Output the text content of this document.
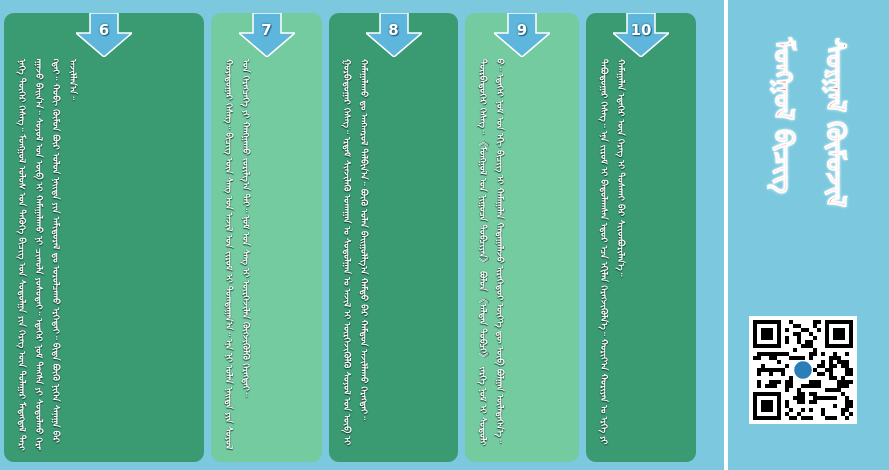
6
ᠨᠡᠭᠡ ᠳᠦᠭᠡᠷ ᠬᠡᠰᠡᠭ᠃ ᠮᠣᠩᠭᠣᠯ ᠤᠯᠤᠰ ᠤᠨ ᠲᠡᠭᠦᠬᠡ ᠪᠢᠴᠢᠭ ᠤᠨ ᠰᠤᠳᠤᠯᠭᠠ ᠶᠢᠨ ᠬᠡᠷᠡᠭ ᠦᠨ ᠲᠤᠯᠠᠭᠠᠷ ᠮᠡᠳᠡᠭᠳᠡᠯ ᠲᠠᠷᠬᠠᠭᠠᠵᠤ ᠪᠠᠢᠨ᠎ᠠ᠃ ᠰᠣᠶᠣᠯ ᠤᠨ ᠥᠪ ᠢ ᠬᠠᠮᠠᠭᠠᠯᠠᠬᠤ ᠨᠢ ᠴᠢᠬᠤᠯᠠ ᠶᠣᠰᠣᠲᠠᠢ᠃ ᠡᠳᠡᠭᠡᠷ ᠨᠣᠮ ᠳᠠᠩᠰᠠ ᠶᠢ ᠰᠤᠳᠤᠯᠬᠤ ᠬᠡᠷᠡᠭᠲᠡᠢ᠃ ᠬᠤᠪᠢ ᠬᠦᠮᠦᠨ ᠪᠦᠷ ᠣᠯᠤᠨ ᠨᠡᠢᠲᠡ ᠶᠢᠨ ᠠᠮᠢᠳᠤᠷᠠᠯ ᠳᠤ ᠣᠷᠣᠯᠴᠠᠬᠤ ᠡᠷᠬᠡᠲᠡᠢ᠃ ᠪᠢᠳᠡ ᠪᠦᠬᠦ ᠨᠢᠭᠡᠨ ᠰᠠᠨᠠᠭᠠ ᠪᠠᠷ ᠠᠵᠢᠯᠯᠠᠨ᠎ᠠ᠃
7
ᠬᠣᠶᠠᠳᠤᠭᠠᠷ ᠬᠡᠰᠡᠭ᠃ ᠪᠢᠴᠢᠭ ᠦᠨ ᠰᠠᠩ ᠤᠨ ᠠᠵᠢᠯ ᠤᠨ ᠵᠢᠷᠤᠮ ᠢ ᠲᠣᠭᠲᠠᠭᠠᠨ᠎ᠠ᠃ ᠡᠨᠡ ᠨᠢ ᠣᠯᠠᠨ ᠨᠡᠢᠲᠡ ᠶᠢᠨ ᠰᠣᠶᠣᠯ ᠤᠨ ᠬᠡᠷᠡᠭᠴᠡᠭᠡ ᠶᠢ ᠬᠠᠩᠭᠠᠬᠤ ᠵᠣᠷᠢᠯᠭ᠎ᠠ ᠲᠠᠢ᠃ ᠨᠣᠮ ᠤᠨ ᠰᠠᠩ ᠢ ᠦᠷᠭᠡᠵᠢᠯᠡᠨ ᠬᠥᠭᠵᠢᠭᠦᠯᠬᠦ ᠬᠡᠷᠡᠭᠲᠡᠢ᠃
8
ᠭᠤᠷᠪᠠᠳᠤᠭᠠᠷ ᠬᠡᠰᠡᠭ᠃ ᠡᠷᠳᠡᠮ ᠰᠢᠨᠵᠢᠯᠡᠬᠦ ᠤᠬᠠᠭᠠᠨ ᠤ ᠰᠤᠳᠤᠯᠭᠠᠨ ᠤ ᠠᠵᠢᠯ ᠢ ᠥᠷᠭᠡᠵᠢᠭᠦᠯᠬᠦ ᠰᠣᠶᠣᠯ ᠤᠨ ᠥᠪ ᠢ ᠬᠠᠮᠠᠭᠠᠯᠠᠬᠤ ᠳᠤ ᠠᠩᠬᠠᠷᠤᠯ ᠲᠠᠯᠪᠢᠨ᠎ᠠ᠃ ᠪᠦᠬᠦ ᠣᠯᠠᠨ ᠪᠠᠢᠭᠤᠯᠯᠭ᠎ᠠ ᠬᠠᠮᠲᠤ ᠪᠡᠷ ᠬᠠᠮᠳᠤᠨ ᠠᠵᠢᠯᠯᠠᠬᠤ ᠬᠡᠷᠡᠭᠲᠡᠢ᠃
9
ᠳᠥᠷᠪᠡᠳᠦᠭᠡᠷ ᠬᠡᠰᠡᠭ᠃ 《ᠮᠣᠩᠭᠣᠯ ᠤᠨ ᠨᠢᠭᠤᠴᠠ ᠲᠣᠪᠴᠢᠶᠠᠨ》 ᠪᠣᠯᠣᠨ 《ᠠᠯᠲᠠᠨ ᠲᠣᠪᠴᠢ》 ᠵᠡᠷᠭᠡ ᠨᠣᠮ ᠢ ᠰᠤᠳᠤᠯᠬᠤ᠃ ᠡᠳᠡᠭᠡᠷ ᠨᠣᠮ ᠤᠨ ᠡᠬᠢ ᠪᠢᠴᠢᠭ ᠢ ᠬᠠᠮᠠᠭᠠᠯᠠᠨ ᠬᠠᠳᠠᠭᠠᠯᠠᠵᠤ ᠢᠷᠡᠭᠡᠳᠦᠢ ᠦᠶ᠎ᠡ ᠳᠦ ᠥᠪ ᠪᠣᠯᠭᠠᠨ ᠦᠯᠡᠳᠡᠭᠡᠨ᠎ᠡ᠃
10
ᠲᠠᠪᠤᠳᠤᠭᠠᠷ ᠬᠡᠰᠡᠭ᠃ ᠡᠨᠡ ᠵᠢᠷᠤᠮ ᠢ ᠪᠠᠲᠤᠯᠠᠭᠰᠠᠨ ᠡᠳᠦᠷ ᠡᠴᠡ ᠡᠬᠢᠯᠡᠨ ᠬᠡᠷᠡᠭᠵᠢᠭᠦᠯᠨ᠎ᠡ᠃ ᠬᠣᠷᠢᠶ᠎ᠠ ᠬᠣᠷᠢᠶᠠᠨ ᠤ ᠡᠷᠬᠡ ᠶᠢ ᠬᠠᠮᠠᠭᠠᠯᠠᠨ ᠡᠳᠡᠭᠡᠷ ᠦᠨ ᠬᠡᠷᠡᠭ ᠢ ᠲᠤᠰᠬᠠᠢ ᠪᠡᠷ ᠰᠢᠢᠳᠪᠦᠷᠢᠯᠡᠨ᠎ᠡ᠃	ᠮᠣᠩᠭᠣᠯ ᠪᠢᠴᠢᠭ ᠰᠤᠷᠭᠠᠯ ᠬᠦᠮᠦᠵᠢᠯ
